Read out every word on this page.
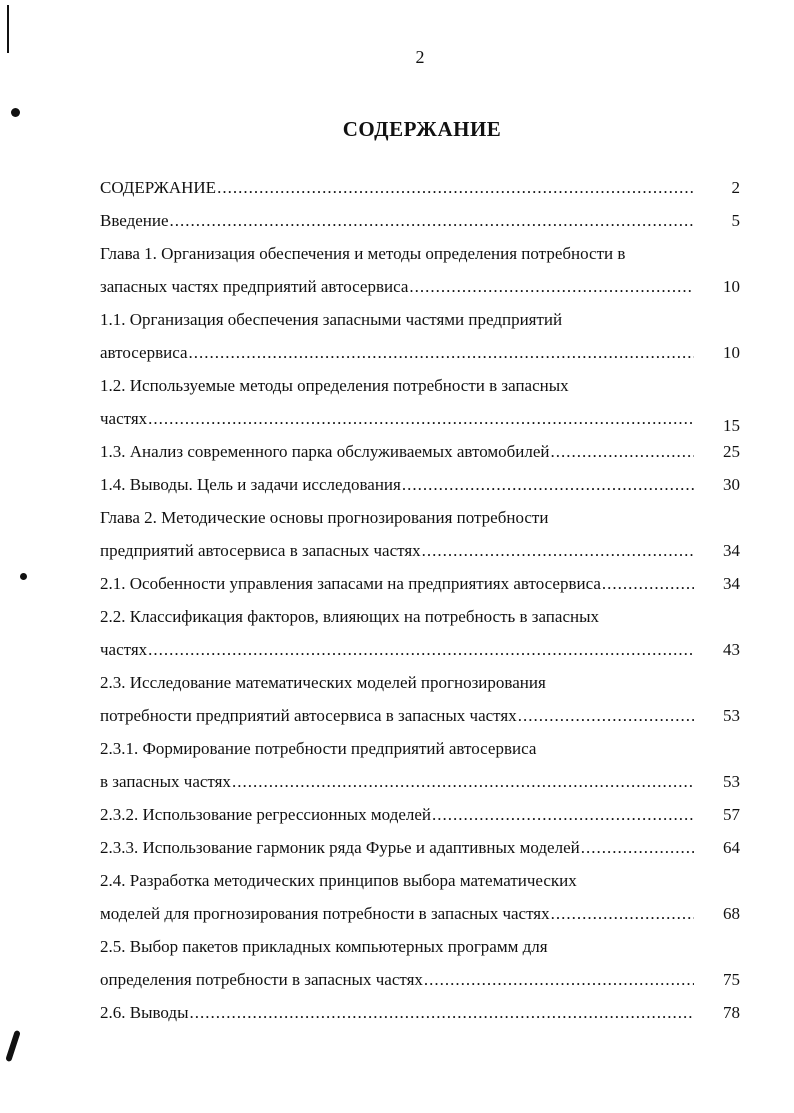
2
СОДЕРЖАНИЕ
СОДЕРЖАНИЕ .....	2
Введение .....	5
Глава 1. Организация обеспечения и методы определения потребности в
запасных частях предприятий автосервиса .....	10
1.1. Организация обеспечения запасными частями предприятий
автосервиса .....	10
1.2. Используемые методы определения потребности в запасных
частях .....	15
1.3. Анализ современного парка обслуживаемых автомобилей .....	25
1.4. Выводы. Цель и задачи исследования .....	30
Глава 2. Методические основы прогнозирования потребности
предприятий автосервиса в запасных частях .....	34
2.1. Особенности управления запасами на предприятиях автосервиса .....	34
2.2. Классификация факторов, влияющих на потребность в запасных
частях .....	43
2.3. Исследование математических моделей прогнозирования
потребности предприятий автосервиса в запасных частях .....	53
2.3.1. Формирование потребности предприятий автосервиса
в запасных частях .....	53
2.3.2. Использование регрессионных моделей .....	57
2.3.3. Использование гармоник ряда Фурье и адаптивных моделей .....	64
2.4. Разработка методических принципов выбора математических
моделей для прогнозирования потребности в запасных частях .....	68
2.5. Выбор пакетов прикладных компьютерных программ для
определения потребности в запасных частях .....	75
2.6. Выводы .....	78
